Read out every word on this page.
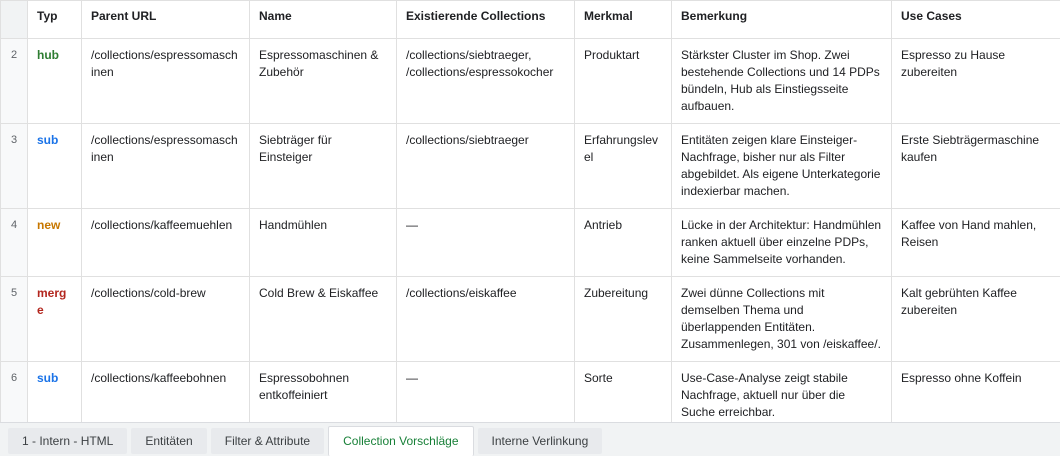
	Typ	Parent URL	Name	Existierende Collections	Merkmal	Bemerkung	Use Cases
2	hub	/collections/espressomaschinen	Espressomaschinen & Zubehör	/collections/siebtraeger, /collections/espressokocher	Produktart	Stärkster Cluster im Shop. Zwei bestehende Collections und 14 PDPs bündeln, Hub als Einstiegsseite aufbauen.	Espresso zu Hause zubereiten
3	sub	/collections/espressomaschinen	Siebträger für Einsteiger	/collections/siebtraeger	Erfahrungslevel	Entitäten zeigen klare Einsteiger-Nachfrage, bisher nur als Filter abgebildet. Als eigene Unterkategorie indexierbar machen.	Erste Siebträgermaschine kaufen
4	new	/collections/kaffeemuehlen	Handmühlen	—	Antrieb	Lücke in der Architektur: Handmühlen ranken aktuell über einzelne PDPs, keine Sammelseite vorhanden.	Kaffee von Hand mahlen, Reisen
5	merge	/collections/cold-brew	Cold Brew & Eiskaffee	/collections/eiskaffee	Zubereitung	Zwei dünne Collections mit demselben Thema und überlappenden Entitäten. Zusammenlegen, 301 von /eiskaffee/.	Kalt gebrühten Kaffee zubereiten
6	sub	/collections/kaffeebohnen	Espressobohnen entkoffeiniert	—	Sorte	Use-Case-Analyse zeigt stabile Nachfrage, aktuell nur über die Suche erreichbar.	Espresso ohne Koffein
1 - Intern - HTML	Entitäten	Filter & Attribute	Collection Vorschläge	Interne Verlinkung
